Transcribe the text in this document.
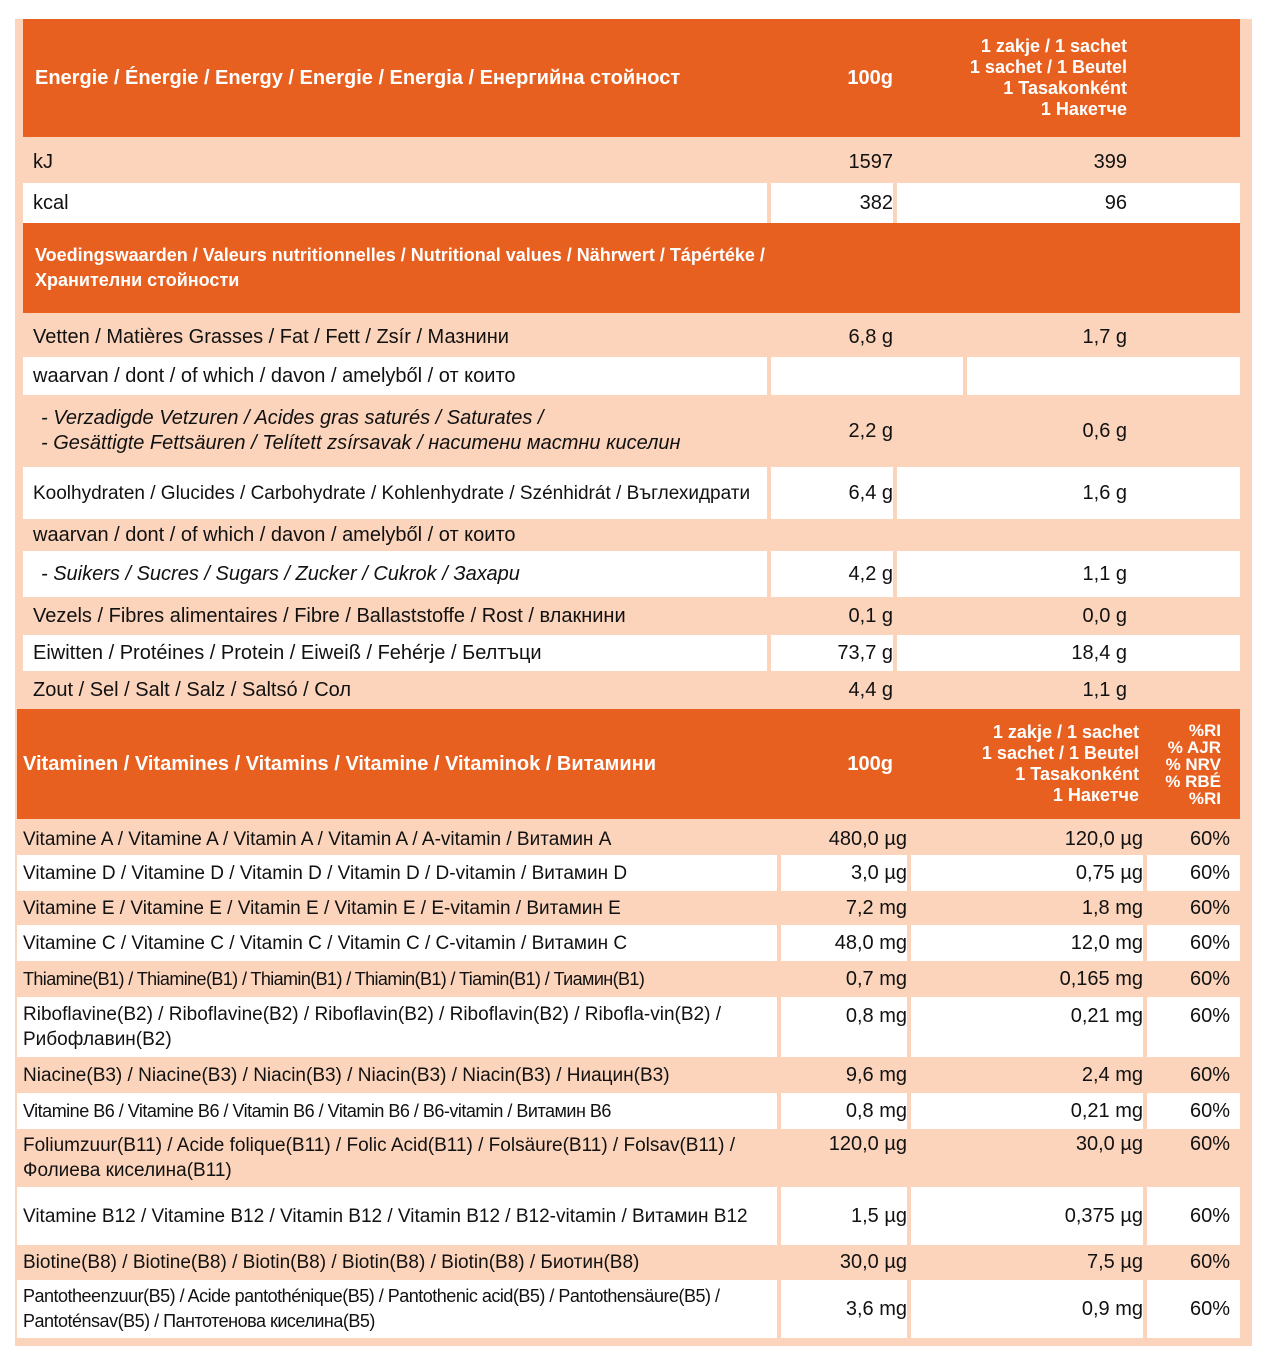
Energie / Énergie / Energy / Energie / Energia / Енергийна стойност	100g
1 zakje / 1 sachet
1 sachet / 1 Beutel
1 Tasakonként
1 Накетче
kJ	1597	399
kcal	382	96
Voedingswaarden / Valeurs nutritionnelles / Nutritional values / Nährwert / Tápértéke / Хранителни стойности
Vetten / Matières Grasses / Fat / Fett / Zsír / Мазнини	6,8 g	1,7 g
waarvan / dont / of which / davon / amelyből / от които
- Verzadigde Vetzuren / Acides gras saturés / Saturates /
- Gesättigte Fettsäuren / Telített zsírsavak / наситени мастни киселин
2,2 g	0,6 g
Koolhydraten / Glucides / Carbohydrate / Kohlenhydrate / Szénhidrát / Въглехидрати	6,4 g	1,6 g
waarvan / dont / of which / davon / amelyből / от които
- Suikers / Sucres / Sugars / Zucker / Cukrok / Захари	4,2 g	1,1 g
Vezels / Fibres alimentaires / Fibre / Ballaststoffe / Rost / влакнини	0,1 g	0,0 g
Eiwitten / Protéines / Protein / Eiweiß / Fehérje / Белтъци	73,7 g	18,4 g
Zout / Sel / Salt / Salz / Saltsó / Сол	4,4 g	1,1 g
Vitaminen / Vitamines / Vitamins / Vitamine / Vitaminok / Витамини	100g
1 zakje / 1 sachet
1 sachet / 1 Beutel
1 Tasakonként
1 Накетче
%RI
% AJR
% NRV
% RBÉ
%RI
Vitamine A / Vitamine A / Vitamin A / Vitamin A / A-vitamin / Витамин A	480,0 µg	120,0 µg	60%
Vitamine D / Vitamine D / Vitamin D / Vitamin D / D-vitamin / Витамин D	3,0 µg	0,75 µg	60%
Vitamine E / Vitamine E / Vitamin E / Vitamin E / E-vitamin / Витамин E	7,2 mg	1,8 mg	60%
Vitamine C / Vitamine C / Vitamin C / Vitamin C / C-vitamin / Витамин C	48,0 mg	12,0 mg	60%
Thiamine(B1) / Thiamine(B1) / Thiamin(B1) / Thiamin(B1) / Tiamin(B1) / Тиамин(B1)	0,7 mg	0,165 mg	60%
Riboflavine(B2) / Riboflavine(B2) / Riboflavin(B2) / Riboflavin(B2) / Ribofla-vin(B2) / Рибофлавин(B2)
0,8 mg	0,21 mg	60%
Niacine(B3) / Niacine(B3) / Niacin(B3) / Niacin(B3) / Niacin(B3) / Ниацин(B3)	9,6 mg	2,4 mg	60%
Vitamine B6 / Vitamine B6 / Vitamin B6 / Vitamin B6 / B6-vitamin / Витамин B6	0,8 mg	0,21 mg	60%
Foliumzuur(B11) / Acide folique(B11) / Folic Acid(B11) / Folsäure(B11) / Folsav(B11) / Фолиева киселина(B11)
120,0 µg	30,0 µg	60%
Vitamine B12 / Vitamine B12 / Vitamin B12 / Vitamin B12 / B12-vitamin / Витамин B12	1,5 µg	0,375 µg	60%
Biotine(B8) / Biotine(B8) / Biotin(B8) / Biotin(B8) / Biotin(B8) / Биотин(B8)	30,0 µg	7,5 µg	60%
Pantotheenzuur(B5) / Acide pantothénique(B5) / Pantothenic acid(B5) / Pantothensäure(B5) / Pantoténsav(B5) / Пантотенова киселина(B5)
3,6 mg	0,9 mg	60%
